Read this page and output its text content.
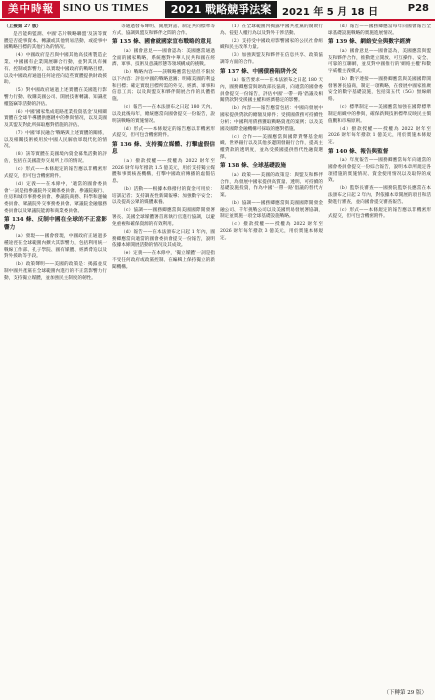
美中時報 SINO US TIMES	2021 戰略競爭法案	2021 年 5 月 18 日	P28

（上接第 27 版）

是否能夠監測、中國'芯片戰略聯盟'及該等實體是否從事資本、轉讓或其他貿易活動，或從事中國戰略目標的其他行為的情况。

（4）中國政府是否與中國其他高技術製造企業、中國國有企業開展聯合行動，並對其具有擁有、控制或影響力，以實現中國政府的戰略目標，以及中國政府通過任何途徑向這些實體提供財政援助。

（5）對中國政府通過上述實體在美國進行影響力行動、收購美國公司、開展技術轉讓、知識產權盜竊等活動的評估。

（6）中國'國家集成電路產業投資基金'及相關實體在全球半導體供應鏈中的參與情况，以及美國及其盟友對此所採取應對措施的評估。

（7）中國'軍民融合'戰略與上述實體的關係，以及相關技術被用於中國人民解放軍現代化的情况。

（8）該等實體在美國境內資金募集活動的評估，包括在美國證券交易所上市的情况。

（c）形式——本條規定的報告應以非機密形式提交，但可包含機密附件。

（d）定義——在本條中，'適當的國會委員會'一詞是指參議院外交關係委員會、參議院銀行、住房和城市事務委員會、參議院商務、科學和運輸委員會、眾議院外交事務委員會、眾議院金融服務委員會以及眾議院能源和商業委員會。

第 134 條、反制中國在全球的不正當影響力

（a）發現——國會發現，中國政府正通過多種途徑在全球範圍內擴大其影響力，包括利用統一戰線工作部、孔子學院、國有媒體、經濟脅迫以及對外援助等手段。

（b）政策聲明——美國的政策是：揭露並反制中國共產黨在全球範圍內進行的不正當影響力行動，支持獨立媒體，並加強民主制度的韌性。

等通過發布聲明、開展對話、制定共同標準等方式，協調與盟友和夥伴之間的合作。

第 135 條、國會就國家宣布戰略的意見

（a）國會意見——國會認為：美國應當通過全面的國家戰略，系統應對中華人民共和國在經濟、軍事、技術及意識形態等領域構成的挑戰。

（b）戰略內容——該戰略應當包括但不限於以下內容：評估中國的戰略意圖；明確美國的利益和目標；確定實現目標所需的外交、經濟、軍事和信息工具；以及與盟友和夥伴開展合作的具體措施。

（c）報告——在本法頒布之日起 180 天內，以及此後每年，總統應當向國會提交一份報告，說明該戰略的實施情况。

（d）形式——本條規定的報告應以非機密形式提交，但可包含機密附件。

第 136 條、支持獨立媒體、打擊虛假信息

（a）撥款授權——授權為 2022 財年至 2026 財年每年撥款 1.5 億美元，用於支持獨立媒體和事實核查機構，打擊中國政府傳播的虛假信息。

（b）活動——根據本條撥付的資金可用於：培訓記者；支持調查性新聞報導；加強數字安全；以及提高公眾的媒體素養。

（c）協調——國務卿應當與美國國際開發署署長、美國全球媒體署首席執行官進行協調，以避免重複和確保資源的有效利用。

（d）報告——在本法頒布之日起 1 年內，國務卿應當向適當的國會委員會提交一份報告，說明依據本條開展活動的情况及其成效。

（e）定義——在本條中，'獨立媒體'一詞是指不受任何政府或政黨控制、在編輯上保持獨立的新聞機構。

（1）在全球範圍內揭露中國共產黨的腐敗行為、侵犯人權行為以及對外干涉活動。

（2）支持受中國政府影響國家的公民社會組織和民主改革力量。

（3）加強與盟友和夥伴在信息共享、政策協調等方面的合作。

第 137 條、中國債務陷阱外交

（a）報告要求——在本法頒布之日起 180 天內，國務卿應當與財政部長協商，向適當的國會委員會提交一份報告，評估中國'一帶一路'倡議及相關貸款對受援國主權和經濟穩定的影響。

（b）內容——報告應當包括：中國向發展中國家提供貸款的總額及條件；受援國債務可持續性分析；中國利用債務獲取戰略資產的案例；以及美國及國際金融機構可採取的應對措施。

（c）合作——美國應當與國際貨幣基金組織、世界銀行以及其他多邊開發銀行合作，提高主權貸款的透明度，並為受援國提供替代性融資選擇。

第 138 條、全球基礎設施

（a）政策——美國的政策是：與盟友和夥伴合作，為發展中國家提供高質量、透明、可持續的基礎設施投資，作為中國'一帶一路'倡議的替代方案。

（b）協調——國務卿應當與美國國際開發金融公司、千年挑戰公司以及美國貿易發展署協調，制定並實施一項全球基礎設施戰略。

（c）撥款授權——授權為 2022 財年至 2026 財年每年撥款 3 億美元，用於實施本條規定。

（d）報告——國務卿應當每年向國會報告全球基礎設施戰略的實施進展情况。

第 139 條、網絡安全與數字經濟

（a）國會意見——國會認為，美國應當與盟友和夥伴合作，推動建立開放、可互操作、安全、可靠的互聯網，並反對中國推行的'網絡主權'和數字威權主義模式。

（b）數字連接——國務卿應當與美國國際開發署署長協商，制定一項戰略，在發展中國家推廣安全的數字基礎設施，包括第五代（5G）無線網絡。

（c）標準制定——美國應當加強在國際標準制定組織中的參與，確保新興技術標準反映民主價值觀和市場原則。

（d）撥款授權——授權為 2022 財年至 2026 財年每年撥款 1 億美元，用於實施本條規定。

第 140 條、報告與監督

（a）年度報告——國務卿應當每年向適當的國會委員會提交一份綜合報告，說明本章所規定各項措施的實施情况、資金使用情况以及取得的成效。

（b）監察長審查——國務院監察長應當在本法頒布之日起 2 年內，對依據本章開展的項目和活動進行審查，並向國會提交審查報告。

（c）形式——本條規定的報告應以非機密形式提交，但可包含機密附件。

（下轉第 29 版）
